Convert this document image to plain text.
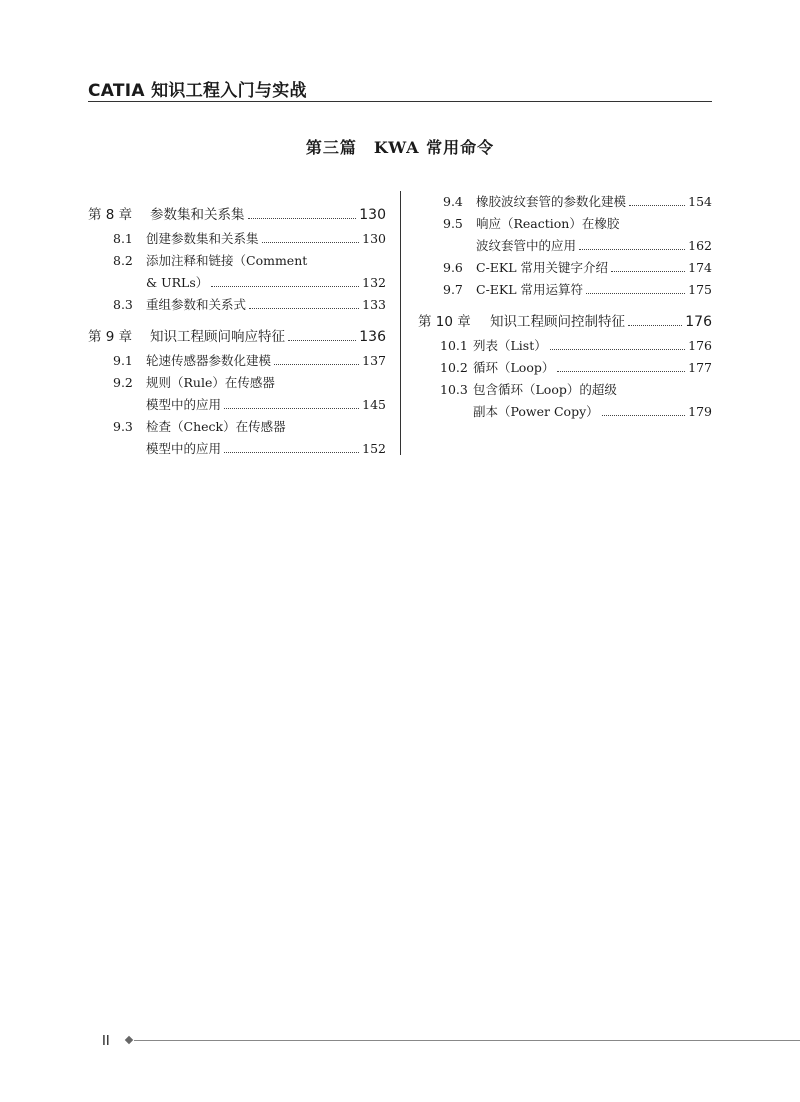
CATIA 知识工程入门与实战
第三篇　KWA 常用命令
第 8 章	参数集和关系集	130
8.1	创建参数集和关系集	130
8.2	添加注释和链接（Comment
& URLs）	132
8.3	重组参数和关系式	133
第 9 章	知识工程顾问响应特征	136
9.1	轮速传感器参数化建模	137
9.2	规则（Rule）在传感器
模型中的应用	145
9.3	检查（Check）在传感器
模型中的应用	152
9.4	橡胶波纹套管的参数化建模	154
9.5	响应（Reaction）在橡胶
波纹套管中的应用	162
9.6	C-EKL 常用关键字介绍	174
9.7	C-EKL 常用运算符	175
第 10 章	知识工程顾问控制特征	176
10.1 列表（List）	176
10.2 循环（Loop）	177
10.3 包含循环（Loop）的超级
副本（Power Copy）	179
II
